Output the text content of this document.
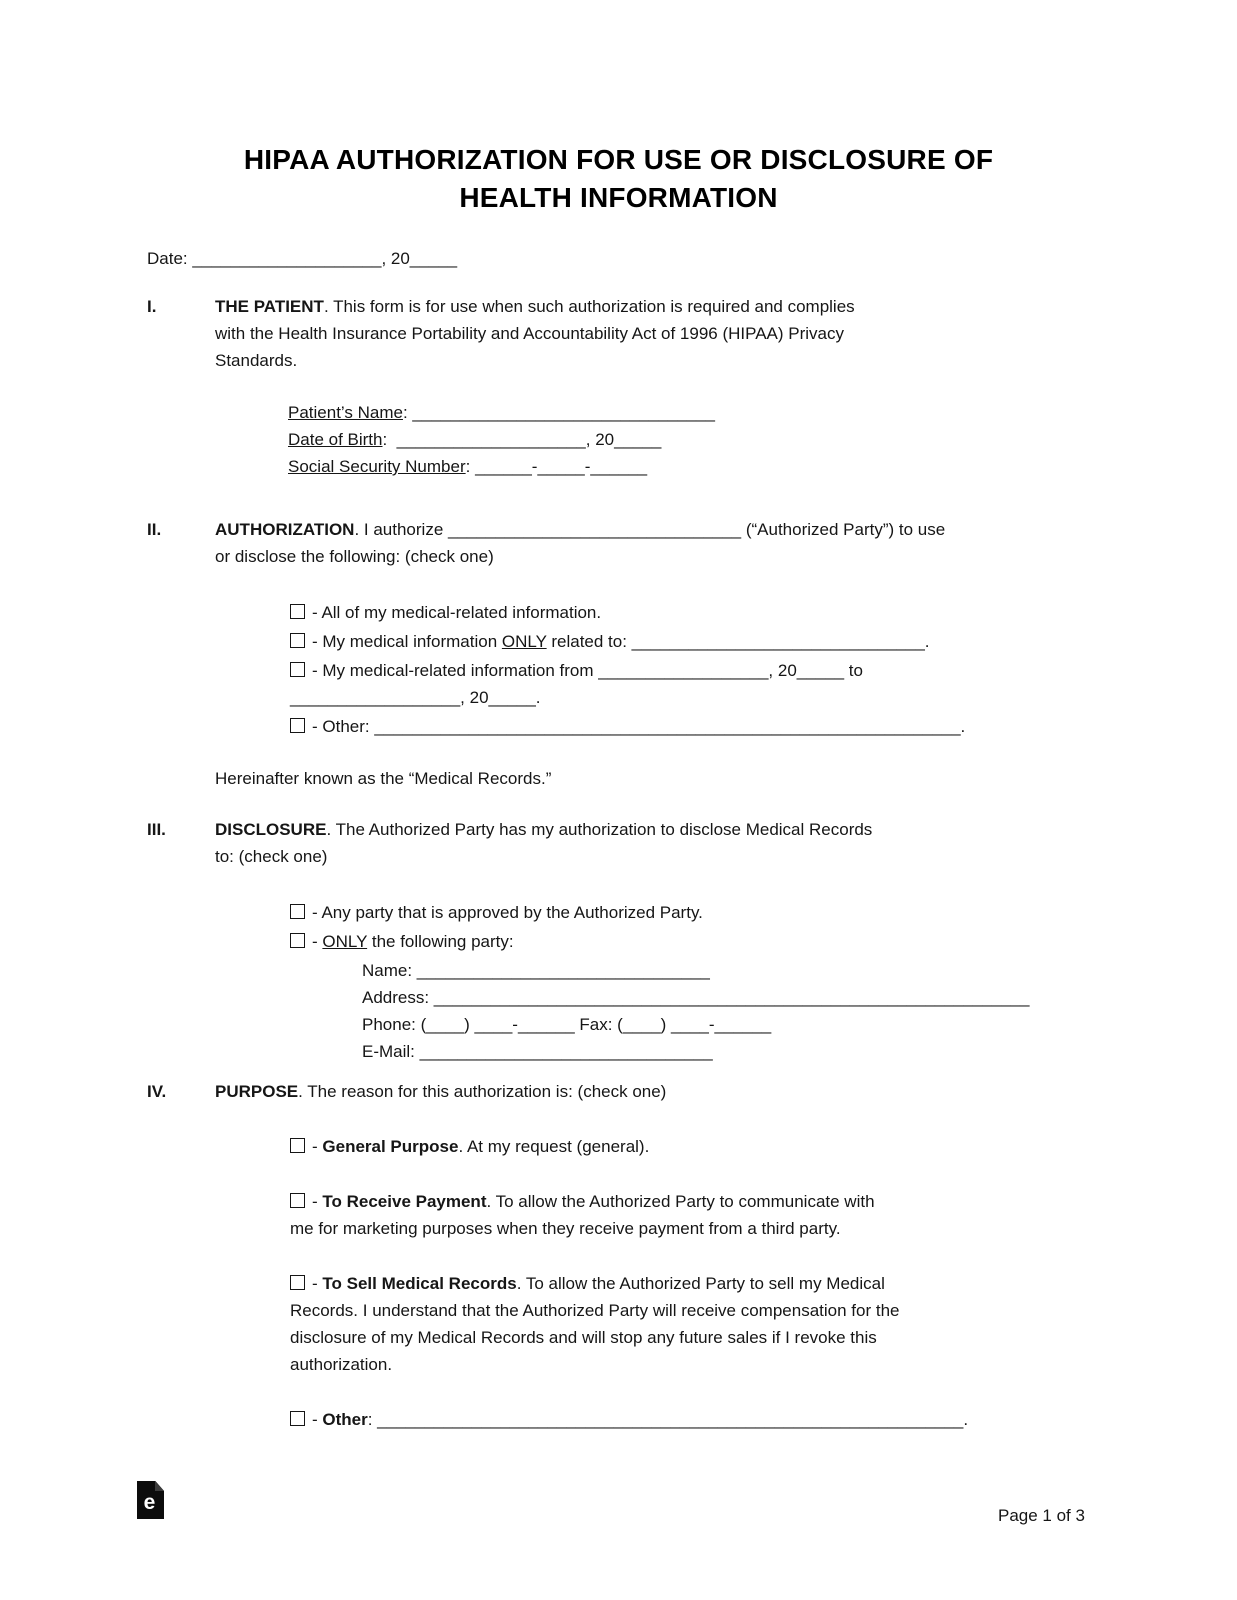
HIPAA AUTHORIZATION FOR USE OR DISCLOSURE OF
HEALTH INFORMATION
Date: ____________________, 20_____
I.	THE PATIENT. This form is for use when such authorization is required and complies
with the Health Insurance Portability and Accountability Act of 1996 (HIPAA) Privacy
Standards.
Patient’s Name: ________________________________
Date of Birth:  ____________________, 20_____
Social Security Number: ______-_____-______
II.	AUTHORIZATION. I authorize _______________________________ (“Authorized Party”) to use
or disclose the following: (check one)
- All of my medical-related information.
- My medical information ONLY related to: _______________________________.
- My medical-related information from __________________, 20_____ to
__________________, 20_____.
- Other: ______________________________________________________________.
Hereinafter known as the “Medical Records.”
III.	DISCLOSURE. The Authorized Party has my authorization to disclose Medical Records
to: (check one)
- Any party that is approved by the Authorized Party.
- ONLY the following party:
Name: _______________________________
Address: _______________________________________________________________
Phone: (____) ____-______ Fax: (____) ____-______
E-Mail: _______________________________
IV.	PURPOSE. The reason for this authorization is: (check one)
- General Purpose. At my request (general).
- To Receive Payment. To allow the Authorized Party to communicate with
me for marketing purposes when they receive payment from a third party.
- To Sell Medical Records. To allow the Authorized Party to sell my Medical
Records. I understand that the Authorized Party will receive compensation for the
disclosure of my Medical Records and will stop any future sales if I revoke this
authorization.
- Other: ______________________________________________________________.
e
Page 1 of 3
